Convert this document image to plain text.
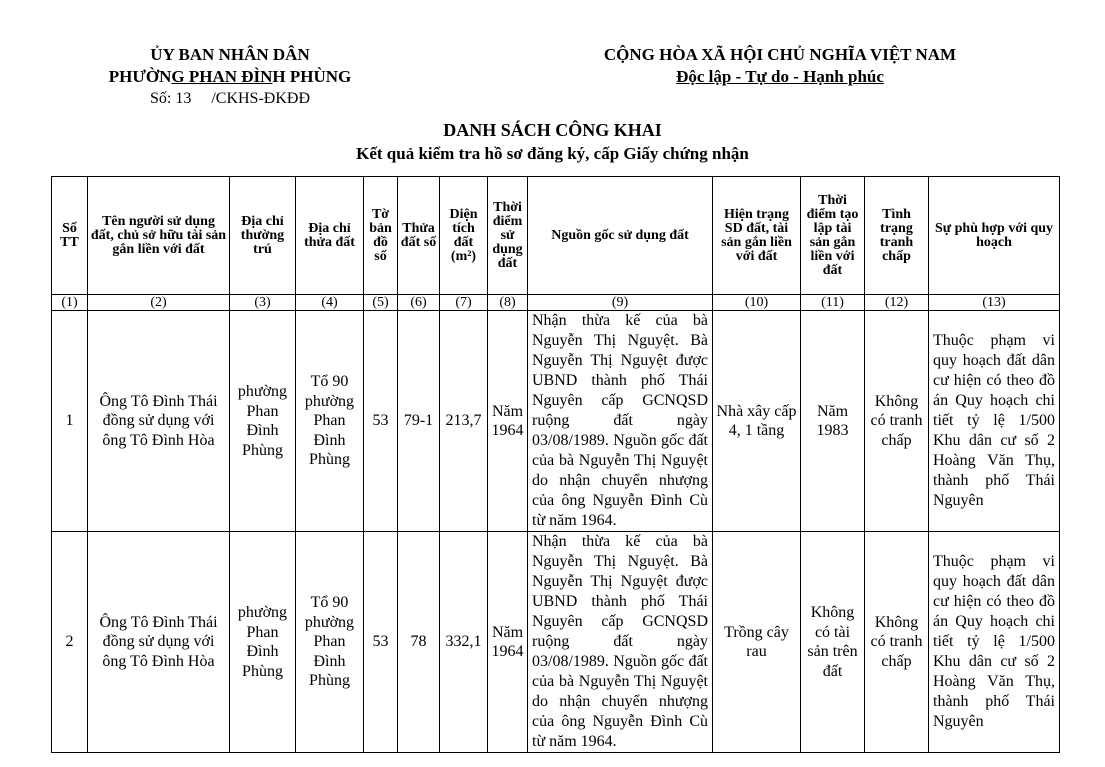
ỦY BAN NHÂN DÂN
PHƯỜNG PHAN ĐÌNH PHÙNG
Số: 13 /CKHS-ĐKĐĐ
CỘNG HÒA XÃ HỘI CHỦ NGHĨA VIỆT NAM
Độc lập - Tự do - Hạnh phúc
DANH SÁCH CÔNG KHAI
Kết quả kiểm tra hồ sơ đăng ký, cấp Giấy chứng nhận
Số TT	Tên người sử dụng đất, chủ sở hữu tài sản gắn liền với đất	Địa chỉ thường trú	Địa chỉ thửa đất	Tờ bản đồ số	Thửa đất số	Diện tích đất (m²)	Thời điểm sử dụng đất	Nguồn gốc sử dụng đất	Hiện trạng SD đất, tài sản gắn liền với đất	Thời điểm tạo lập tài sản gắn liền với đất	Tình trạng tranh chấp	Sự phù hợp với quy hoạch
(1)	(2)	(3)	(4)	(5)	(6)	(7)	(8)	(9)	(10)	(11)	(12)	(13)
1	Ông Tô Đình Thái đồng sử dụng với ông Tô Đình Hòa	phường Phan Đình Phùng	Tổ 90 phường Phan Đình Phùng	53	79-1	213,7	Năm 1964	Nhận thừa kế của bà Nguyễn Thị Nguyệt. Bà Nguyễn Thị Nguyệt được UBND thành phố Thái Nguyên cấp GCNQSD ruộng đất ngày 03/08/1989. Nguồn gốc đất của bà Nguyễn Thị Nguyệt do nhận chuyển nhượng của ông Nguyễn Đình Cù từ năm 1964.	Nhà xây cấp 4, 1 tầng	Năm 1983	Không có tranh chấp	Thuộc phạm vi quy hoạch đất dân cư hiện có theo đồ án Quy hoạch chi tiết tỷ lệ 1/500 Khu dân cư số 2 Hoàng Văn Thụ, thành phố Thái Nguyên
2	Ông Tô Đình Thái đồng sử dụng với ông Tô Đình Hòa	phường Phan Đình Phùng	Tổ 90 phường Phan Đình Phùng	53	78	332,1	Năm 1964	Nhận thừa kế của bà Nguyễn Thị Nguyệt. Bà Nguyễn Thị Nguyệt được UBND thành phố Thái Nguyên cấp GCNQSD ruộng đất ngày 03/08/1989. Nguồn gốc đất của bà Nguyễn Thị Nguyệt do nhận chuyển nhượng của ông Nguyễn Đình Cù từ năm 1964.	Trồng cây rau	Không có tài sản trên đất	Không có tranh chấp	Thuộc phạm vi quy hoạch đất dân cư hiện có theo đồ án Quy hoạch chi tiết tỷ lệ 1/500 Khu dân cư số 2 Hoàng Văn Thụ, thành phố Thái Nguyên
